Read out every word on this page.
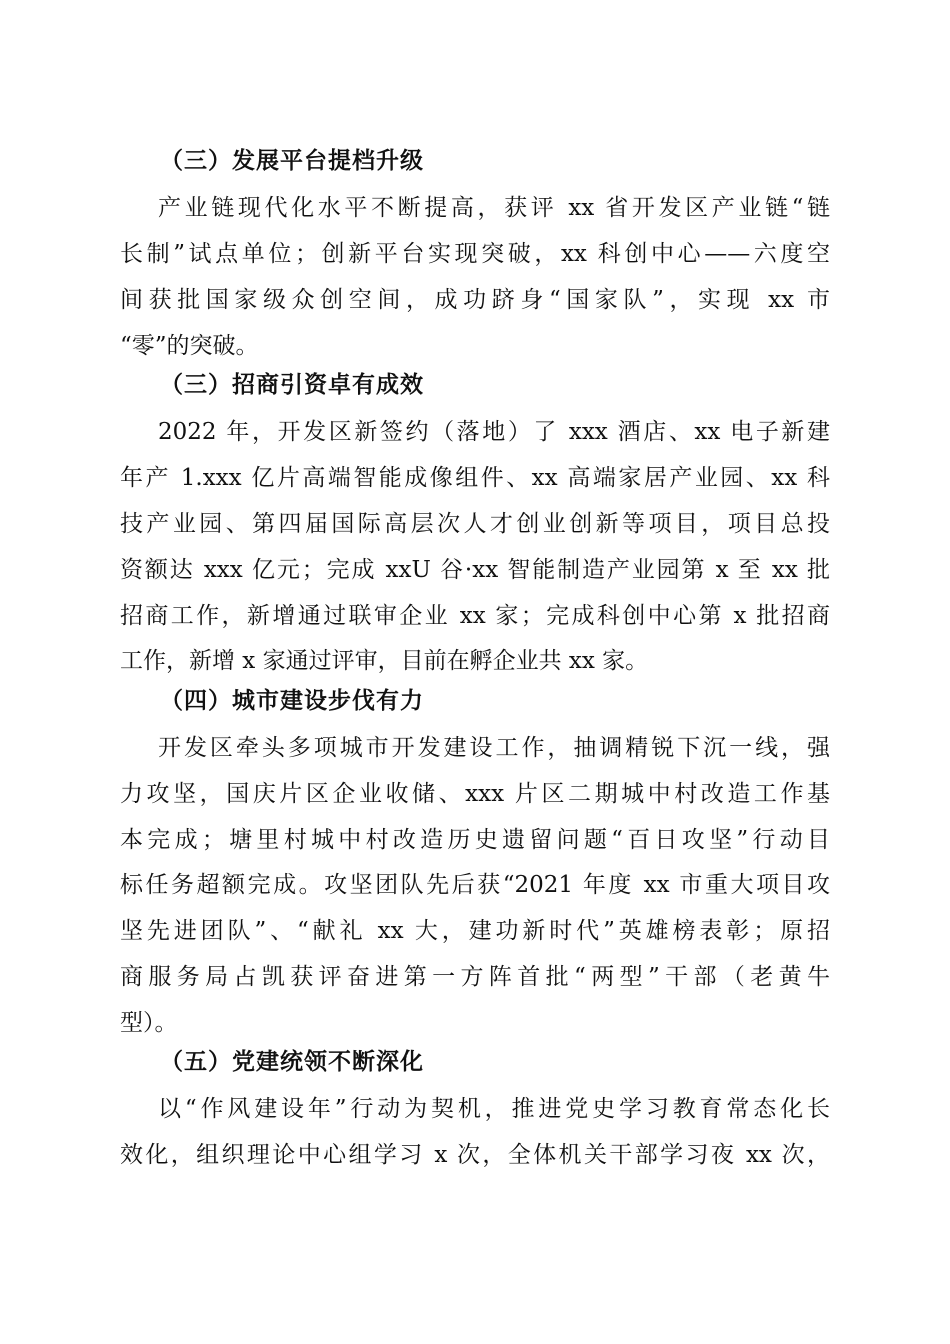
（三）发展平台提档升级
产业链现代化水平不断提高，获评 xx 省开发区产业链“链
长制”试点单位；创新平台实现突破，xx 科创中心——六度空
间获批国家级众创空间，成功跻身“国家队”，实现 xx 市
“零”的突破。
（三）招商引资卓有成效
2022 年，开发区新签约（落地）了 xxx 酒店、xx 电子新建
年产 1.xxx 亿片高端智能成像组件、xx 高端家居产业园、xx 科
技产业园、第四届国际高层次人才创业创新等项目，项目总投
资额达 xxx 亿元；完成 xxU 谷·xx 智能制造产业园第 x 至 xx 批
招商工作，新增通过联审企业 xx 家；完成科创中心第 x 批招商
工作，新增 x 家通过评审，目前在孵企业共 xx 家。
（四）城市建设步伐有力
开发区牵头多项城市开发建设工作，抽调精锐下沉一线，强
力攻坚，国庆片区企业收储、xxx 片区二期城中村改造工作基
本完成；塘里村城中村改造历史遗留问题“百日攻坚”行动目
标任务超额完成。攻坚团队先后获“2021 年度 xx 市重大项目攻
坚先进团队”、“献礼 xx 大，建功新时代”英雄榜表彰；原招
商服务局占凯获评奋进第一方阵首批“两型”干部（老黄牛
型）。
（五）党建统领不断深化
以“作风建设年”行动为契机，推进党史学习教育常态化长
效化，组织理论中心组学习 x 次，全体机关干部学习夜 xx 次，
